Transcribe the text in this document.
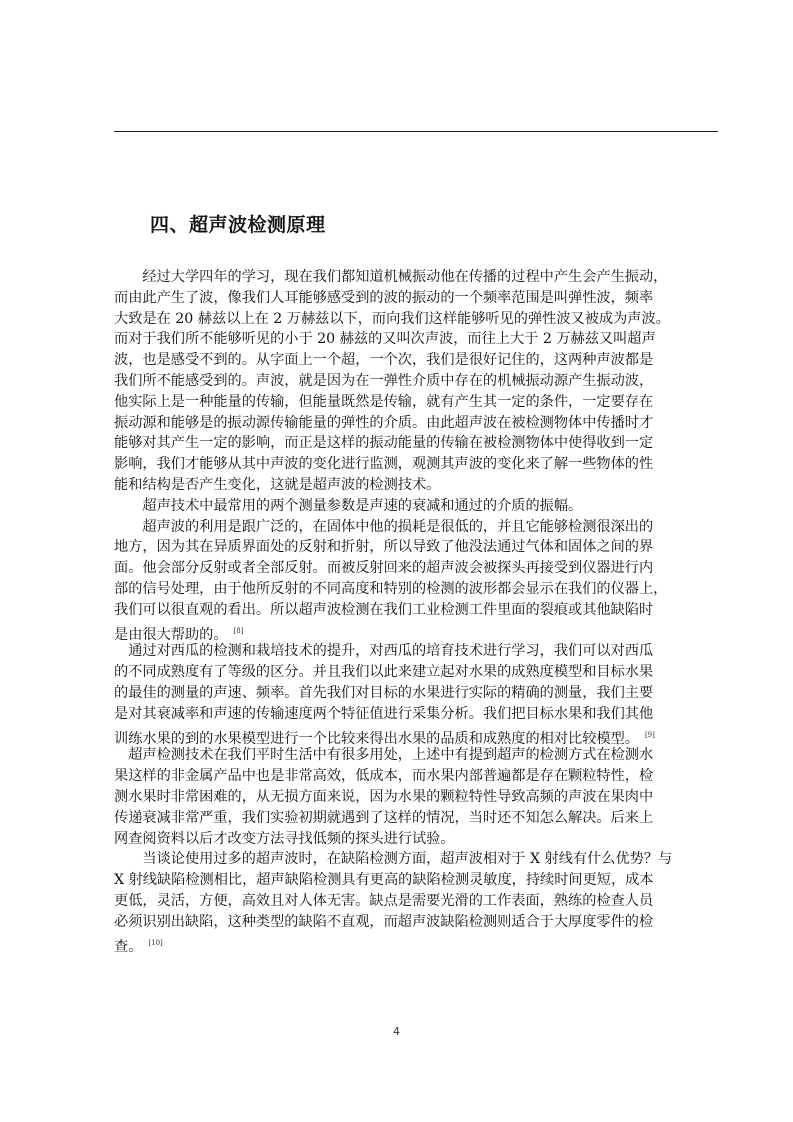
四、超声波检测原理
　　经过大学四年的学习，现在我们都知道机械振动他在传播的过程中产生会产生振动，
而由此产生了波，像我们人耳能够感受到的波的振动的一个频率范围是叫弹性波，频率
大致是在 20 赫兹以上在 2 万赫兹以下，而向我们这样能够听见的弹性波又被成为声波。
而对于我们所不能够听见的小于 20 赫兹的又叫次声波，而往上大于 2 万赫兹又叫超声
波，也是感受不到的。从字面上一个超，一个次，我们是很好记住的，这两种声波都是
我们所不能感受到的。声波，就是因为在一弹性介质中存在的机械振动源产生振动波，
他实际上是一种能量的传输，但能量既然是传输，就有产生其一定的条件，一定要存在
振动源和能够是的振动源传输能量的弹性的介质。由此超声波在被检测物体中传播时才
能够对其产生一定的影响，而正是这样的振动能量的传输在被检测物体中使得收到一定
影响，我们才能够从其中声波的变化进行监测，观测其声波的变化来了解一些物体的性
能和结构是否产生变化，这就是超声波的检测技术。
　　超声技术中最常用的两个测量参数是声速的衰减和通过的介质的振幅。
　　超声波的利用是跟广泛的，在固体中他的损耗是很低的，并且它能够检测很深出的
地方，因为其在异质界面处的反射和折射，所以导致了他没法通过气体和固体之间的界
面。他会部分反射或者全部反射。而被反射回来的超声波会被探头再接受到仪器进行内
部的信号处理，由于他所反射的不同高度和特别的检测的波形都会显示在我们的仪器上，
我们可以很直观的看出。所以超声波检测在我们工业检测工件里面的裂痕或其他缺陷时
是由很大帮助的。 [8]
　通过对西瓜的检测和栽培技术的提升，对西瓜的培育技术进行学习，我们可以对西瓜
的不同成熟度有了等级的区分。并且我们以此来建立起对水果的成熟度模型和目标水果
的最佳的测量的声速、频率。首先我们对目标的水果进行实际的精确的测量，我们主要
是对其衰减率和声速的传输速度两个特征值进行采集分析。我们把目标水果和我们其他
训练水果的到的水果模型进行一个比较来得出水果的品质和成熟度的相对比较模型。 [9]
　超声检测技术在我们平时生活中有很多用处，上述中有提到超声的检测方式在检测水
果这样的非金属产品中也是非常高效，低成本，而水果内部普遍都是存在颗粒特性，检
测水果时非常困难的，从无损方面来说，因为水果的颗粒特性导致高频的声波在果肉中
传递衰减非常严重，我们实验初期就遇到了这样的情况，当时还不知怎么解决。后来上
网查阅资料以后才改变方法寻找低频的探头进行试验。
　　当谈论使用过多的超声波时，在缺陷检测方面，超声波相对于 X 射线有什么优势？与
X 射线缺陷检测相比，超声缺陷检测具有更高的缺陷检测灵敏度，持续时间更短，成本
更低，灵活，方便，高效且对人体无害。缺点是需要光滑的工作表面，熟练的检查人员
必须识别出缺陷，这种类型的缺陷不直观，而超声波缺陷检测则适合于大厚度零件的检
查。 [10]
4
